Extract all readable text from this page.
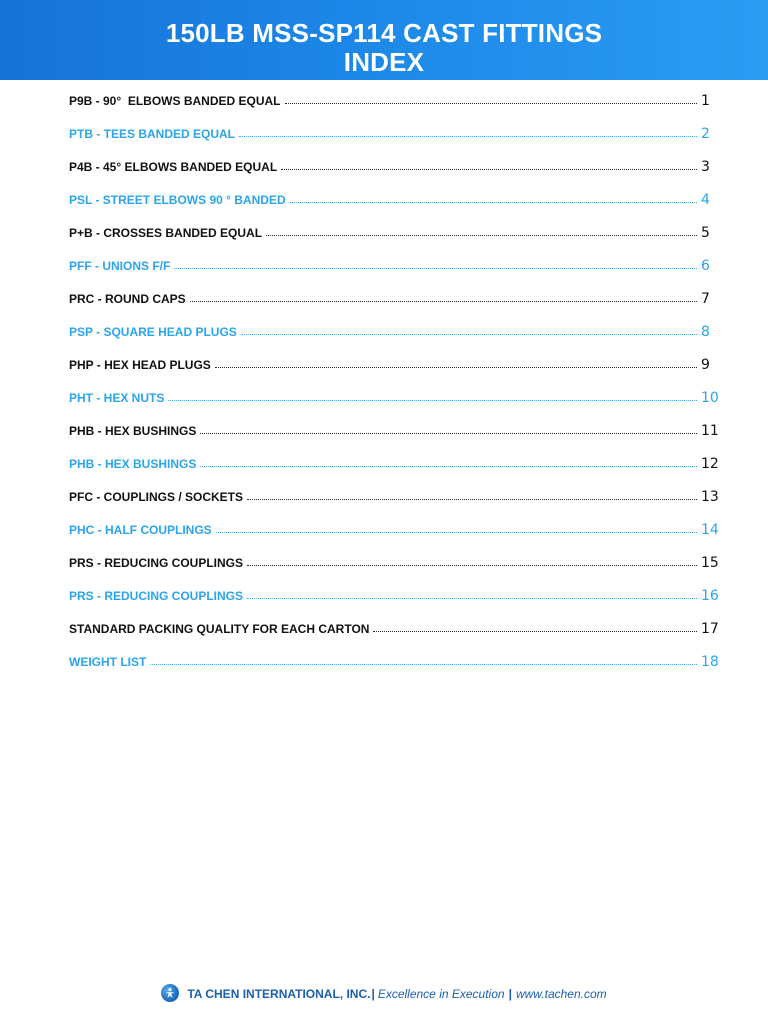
150LB MSS-SP114 CAST FITTINGS
INDEX
P9B - 90°  ELBOWS BANDED EQUAL	1
PTB - TEES BANDED EQUAL	2
P4B - 45° ELBOWS BANDED EQUAL	3
PSL - STREET ELBOWS 90 ° BANDED	4
P+B - CROSSES BANDED EQUAL	5
PFF - UNIONS F/F	6
PRC - ROUND CAPS	7
PSP - SQUARE HEAD PLUGS	8
PHP - HEX HEAD PLUGS	9
PHT - HEX NUTS	10
PHB - HEX BUSHINGS	11
PHB - HEX BUSHINGS	12
PFC - COUPLINGS / SOCKETS	13
PHC - HALF COUPLINGS	14
PRS - REDUCING COUPLINGS	15
PRS - REDUCING COUPLINGS	16
STANDARD PACKING QUALITY FOR EACH CARTON	17
WEIGHT LIST	18
TA CHEN INTERNATIONAL, INC. | Excellence in Execution | www.tachen.com
